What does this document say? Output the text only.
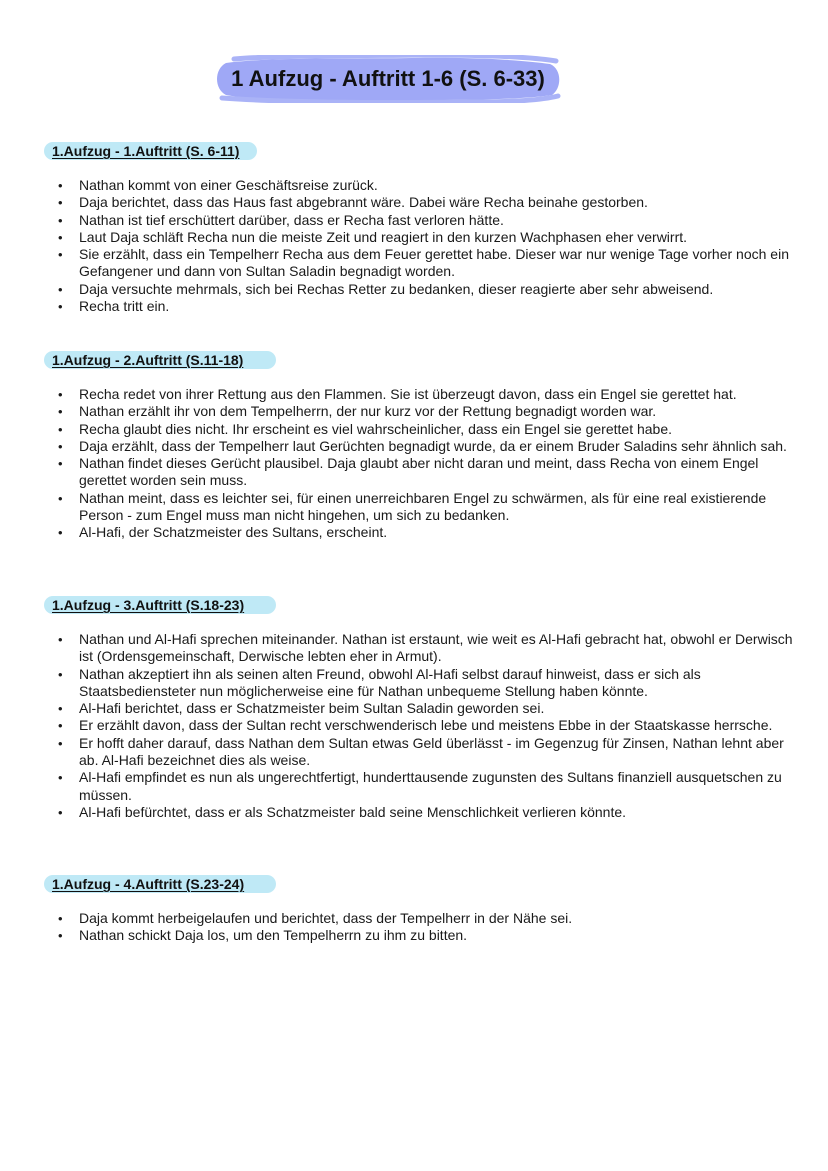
1 Aufzug - Auftritt 1-6 (S. 6-33)
1.Aufzug - 1.Auftritt (S. 6-11)
• Nathan kommt von einer Geschäftsreise zurück.
• Daja berichtet, dass das Haus fast abgebrannt wäre. Dabei wäre Recha beinahe gestorben.
• Nathan ist tief erschüttert darüber, dass er Recha fast verloren hätte.
• Laut Daja schläft Recha nun die meiste Zeit und reagiert in den kurzen Wachphasen eher verwirrt.
• Sie erzählt, dass ein Tempelherr Recha aus dem Feuer gerettet habe. Dieser war nur wenige Tage vorher noch ein Gefangener und dann von Sultan Saladin begnadigt worden.
• Daja versuchte mehrmals, sich bei Rechas Retter zu bedanken, dieser reagierte aber sehr abweisend.
• Recha tritt ein.
1.Aufzug - 2.Auftritt (S.11-18)
• Recha redet von ihrer Rettung aus den Flammen. Sie ist überzeugt davon, dass ein Engel sie gerettet hat.
• Nathan erzählt ihr von dem Tempelherrn, der nur kurz vor der Rettung begnadigt worden war.
• Recha glaubt dies nicht. Ihr erscheint es viel wahrscheinlicher, dass ein Engel sie gerettet habe.
• Daja erzählt, dass der Tempelherr laut Gerüchten begnadigt wurde, da er einem Bruder Saladins sehr ähnlich sah.
• Nathan findet dieses Gerücht plausibel. Daja glaubt aber nicht daran und meint, dass Recha von einem Engel gerettet worden sein muss.
• Nathan meint, dass es leichter sei, für einen unerreichbaren Engel zu schwärmen, als für eine real existierende Person - zum Engel muss man nicht hingehen, um sich zu bedanken.
• Al-Hafi, der Schatzmeister des Sultans, erscheint.
1.Aufzug - 3.Auftritt (S.18-23)
• Nathan und Al-Hafi sprechen miteinander. Nathan ist erstaunt, wie weit es Al-Hafi gebracht hat, obwohl er Derwisch ist (Ordensgemeinschaft, Derwische lebten eher in Armut).
• Nathan akzeptiert ihn als seinen alten Freund, obwohl Al-Hafi selbst darauf hinweist, dass er sich als Staatsbediensteter nun möglicherweise eine für Nathan unbequeme Stellung haben könnte.
• Al-Hafi berichtet, dass er Schatzmeister beim Sultan Saladin geworden sei.
• Er erzählt davon, dass der Sultan recht verschwenderisch lebe und meistens Ebbe in der Staatskasse herrsche.
• Er hofft daher darauf, dass Nathan dem Sultan etwas Geld überlässt - im Gegenzug für Zinsen, Nathan lehnt aber ab. Al-Hafi bezeichnet dies als weise.
• Al-Hafi empfindet es nun als ungerechtfertigt, hunderttausende zugunsten des Sultans finanziell ausquetschen zu müssen.
• Al-Hafi befürchtet, dass er als Schatzmeister bald seine Menschlichkeit verlieren könnte.
1.Aufzug - 4.Auftritt (S.23-24)
• Daja kommt herbeigelaufen und berichtet, dass der Tempelherr in der Nähe sei.
• Nathan schickt Daja los, um den Tempelherrn zu ihm zu bitten.
